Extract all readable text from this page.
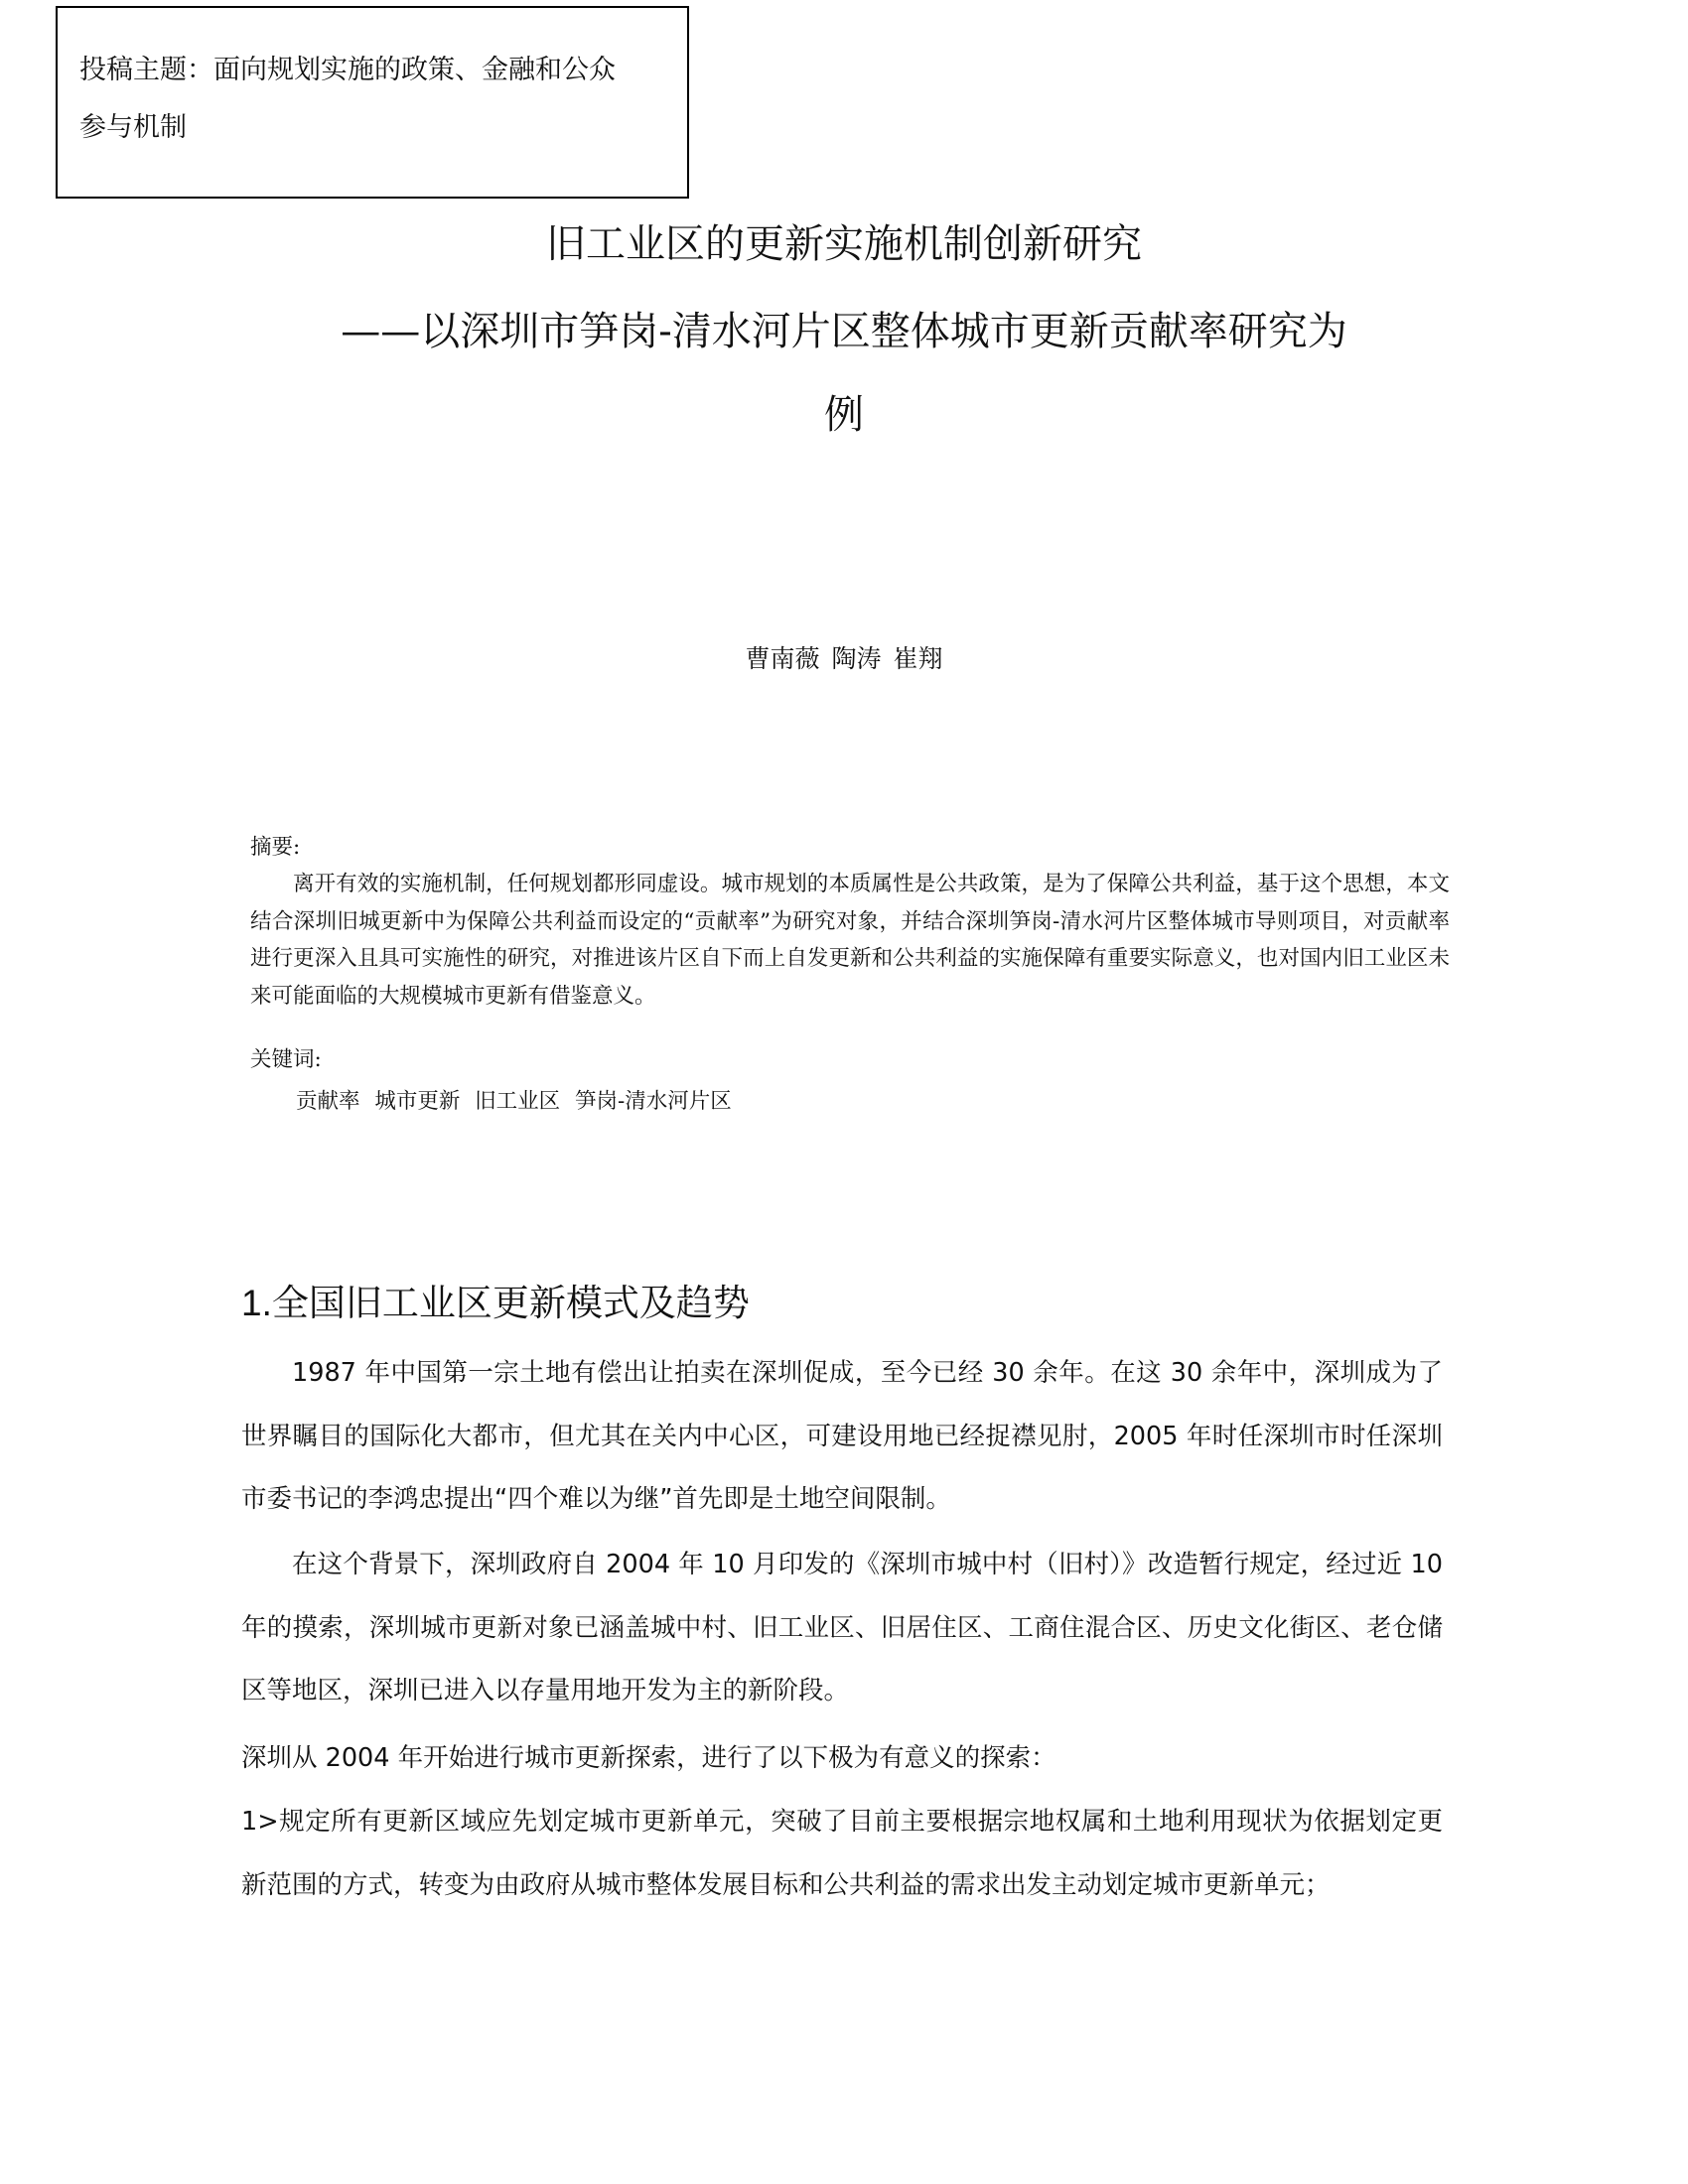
投稿主题：面向规划实施的政策、金融和公众
参与机制
旧工业区的更新实施机制创新研究
——以深圳市笋岗-清水河片区整体城市更新贡献率研究为
例
曹南薇 陶涛 崔翔
摘要:
离开有效的实施机制，任何规划都形同虚设。城市规划的本质属性是公共政策，是为了保障公共利益，基于这个思想，本文结合深圳旧城更新中为保障公共利益而设定的“贡献率”为研究对象，并结合深圳笋岗-清水河片区整体城市导则项目，对贡献率进行更深入且具可实施性的研究，对推进该片区自下而上自发更新和公共利益的实施保障有重要实际意义，也对国内旧工业区未来可能面临的大规模城市更新有借鉴意义。
关键词:
贡献率 城市更新 旧工业区 笋岗-清水河片区
1.全国旧工业区更新模式及趋势
1987 年中国第一宗土地有偿出让拍卖在深圳促成，至今已经 30 余年。在这 30 余年中，深圳成为了世界瞩目的国际化大都市，但尤其在关内中心区，可建设用地已经捉襟见肘，2005 年时任深圳市时任深圳市委书记的李鸿忠提出“四个难以为继”首先即是土地空间限制。
在这个背景下，深圳政府自 2004 年 10 月印发的《深圳市城中村（旧村）》改造暂行规定，经过近 10 年的摸索，深圳城市更新对象已涵盖城中村、旧工业区、旧居住区、工商住混合区、历史文化街区、老仓储区等地区，深圳已进入以存量用地开发为主的新阶段。
深圳从 2004 年开始进行城市更新探索，进行了以下极为有意义的探索：
1>规定所有更新区域应先划定城市更新单元，突破了目前主要根据宗地权属和土地利用现状为依据划定更新范围的方式，转变为由政府从城市整体发展目标和公共利益的需求出发主动划定城市更新单元；
